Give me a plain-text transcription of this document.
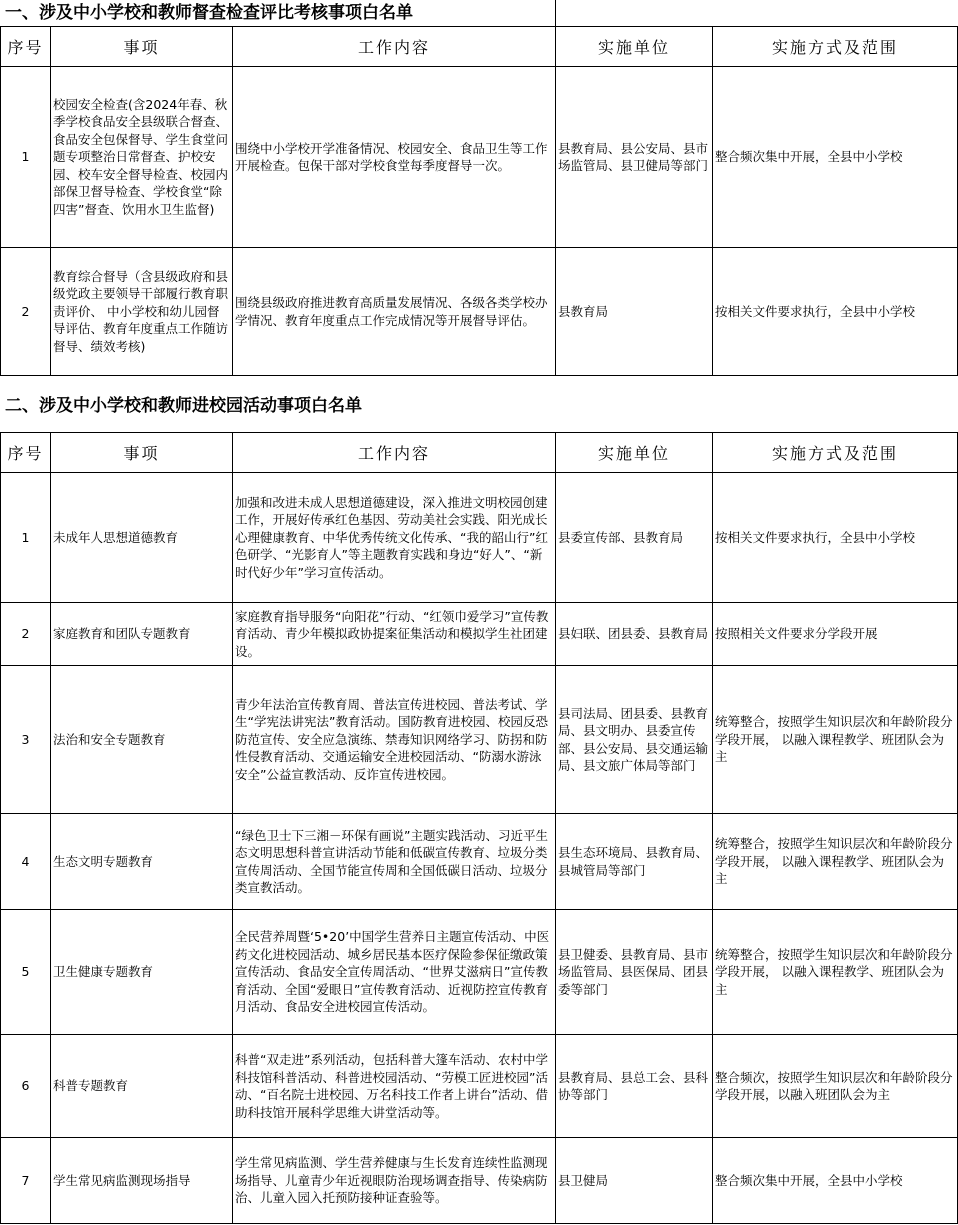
一、涉及中小学校和教师督查检查评比考核事项白名单
序号	事项	工作内容	实施单位	实施方式及范围
1	校园安全检查(含2024年春、秋季学校食品安全县级联合督查、食品安全包保督导、学生食堂问题专项整治日常督查、护校安园、校车安全督导检查、校园内部保卫督导检查、学校食堂“除四害”督查、饮用水卫生监督)	围绕中小学校开学准备情况、校园安全、食品卫生等工作开展检查。包保干部对学校食堂每季度督导一次。	县教育局、县公安局、县市场监管局、县卫健局等部门	整合频次集中开展，全县中小学校
2	教育综合督导（含县级政府和县级党政主要领导干部履行教育职责评价、 中小学校和幼儿园督导评估、教育年度重点工作随访督导、绩效考核)	围绕县级政府推进教育高质量发展情况、各级各类学校办学情况、教育年度重点工作完成情况等开展督导评估。	县教育局	按相关文件要求执行，全县中小学校
二、涉及中小学校和教师进校园活动事项白名单
序号	事项	工作内容	实施单位	实施方式及范围
1	未成年人思想道德教育	加强和改进未成人思想道德建设，深入推进文明校园创建工作，开展好传承红色基因、劳动美社会实践、阳光成长心理健康教育、中华优秀传统文化传承、“我的韶山行”红色研学、“光影育人”等主题教育实践和身边“好人”、“新时代好少年”学习宣传活动。	县委宣传部、县教育局	按相关文件要求执行，全县中小学校
2	家庭教育和团队专题教育	家庭教育指导服务“向阳花”行动、“红领巾爱学习”宣传教育活动、青少年模拟政协提案征集活动和模拟学生社团建设。	县妇联、团县委、县教育局	按照相关文件要求分学段开展
3	法治和安全专题教育	青少年法治宣传教育周、普法宣传进校园、普法考试、学生“学宪法讲宪法”教育活动。国防教育进校园、校园反恐防范宣传、安全应急演练、禁毒知识网络学习、防拐和防性侵教育活动、交通运输安全进校园活动、“防溺水游泳安全”公益宣教活动、反诈宣传进校园。	县司法局、团县委、县教育局、县文明办、县委宣传部、县公安局、县交通运输局、县文旅广体局等部门	统筹整合，按照学生知识层次和年龄阶段分学段开展， 以融入课程教学、班团队会为主
4	生态文明专题教育	“绿色卫士下三湘－环保有画说”主题实践活动、习近平生态文明思想科普宣讲活动节能和低碳宣传教育、垃圾分类宣传周活动、全国节能宣传周和全国低碳日活动、垃圾分类宣教活动。	县生态环境局、县教育局、县城管局等部门	统筹整合，按照学生知识层次和年龄阶段分学段开展， 以融入课程教学、班团队会为主
5	卫生健康专题教育	全民营养周暨‘5•20’中国学生营养日主题宣传活动、中医药文化进校园活动、城乡居民基本医疗保险参保征缴政策宣传活动、食品安全宣传周活动、“世界艾滋病日”宣传教育活动、全国“爱眼日”宣传教育活动、近视防控宣传教育月活动、食品安全进校园宣传活动。	县卫健委、县教育局、县市场监管局、县医保局、团县委等部门	统筹整合，按照学生知识层次和年龄阶段分学段开展， 以融入课程教学、班团队会为主
6	科普专题教育	科普“双走进”系列活动，包括科普大篷车活动、农村中学科技馆科普活动、科普进校园活动、“劳模工匠进校园”活动、“百名院士进校园、万名科技工作者上讲台”活动、借助科技馆开展科学思维大讲堂活动等。	县教育局、县总工会、县科协等部门	整合频次，按照学生知识层次和年龄阶段分学段开展，以融入班团队会为主
7	学生常见病监测现场指导	学生常见病监测、学生营养健康与生长发育连续性监测现场指导、儿童青少年近视眼防治现场调查指导、传染病防治、儿童入园入托预防接种证查验等。	县卫健局	整合频次集中开展，全县中小学校
